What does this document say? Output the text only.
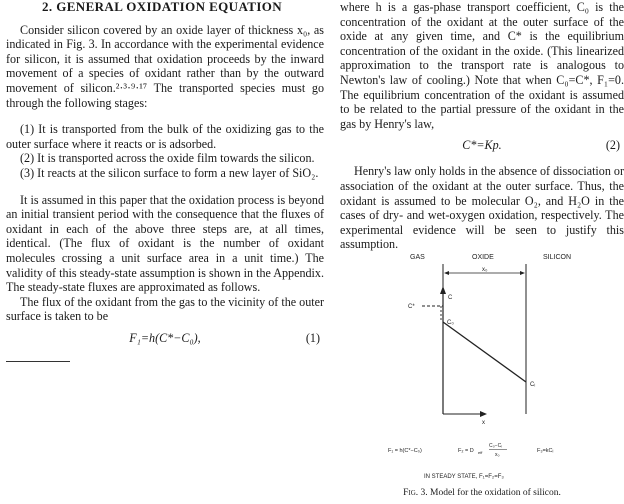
2. GENERAL OXIDATION EQUATION

Consider silicon covered by an oxide layer of thickness x₀, as indicated in Fig. 3. In accordance with the experimental evidence for silicon, it is assumed that oxidation proceeds by the inward movement of a species of oxidant rather than by the outward movement of silicon.²·³·⁹·¹⁷ The transported species must go through the following stages:

(1) It is transported from the bulk of the oxidizing gas to the outer surface where it reacts or is adsorbed.

(2) It is transported across the oxide film towards the silicon.

(3) It reacts at the silicon surface to form a new layer of SiO₂.

It is assumed in this paper that the oxidation process is beyond an initial transient period with the consequence that the fluxes of oxidant in each of the above three steps are, at all times, identical. (The flux of oxidant is the number of oxidant molecules crossing a unit surface area in a unit time.) The validity of this steady-state assumption is shown in the Appendix. The steady-state fluxes are approximated as follows.

The flux of the oxidant from the gas to the vicinity of the outer surface is taken to be

F₁=h(C*−C₀),	(1)

where h is a gas-phase transport coefficient, C₀ is the concentration of the oxidant at the outer surface of the oxide at any given time, and C* is the equilibrium concentration of the oxidant in the oxide. (This linearized approximation to the transport rate is analogous to Newton's law of cooling.) Note that when C₀=C*, F₁=0. The equilibrium concentration of the oxidant is assumed to be related to the partial pressure of the oxidant in the gas by Henry's law,

C*=Kp.	(2)

Henry's law only holds in the absence of dissociation or association of the oxidant at the outer surface. Thus, the oxidant is assumed to be molecular O₂, and H₂O in the cases of dry- and wet-oxygen oxidation, respectively. The experimental evidence will be seen to justify this assumption.

GAS	OXIDE	SILICON
x₀
C
x
C*
C₀
Cᵢ
F₁ = h(C*−C₀)	F₂ = D eff
C₀−Cᵢ
x₀
F₃=kCᵢ
IN STEADY STATE, F₁=F₂=F₃
Fig. 3. Model for the oxidation of silicon.
